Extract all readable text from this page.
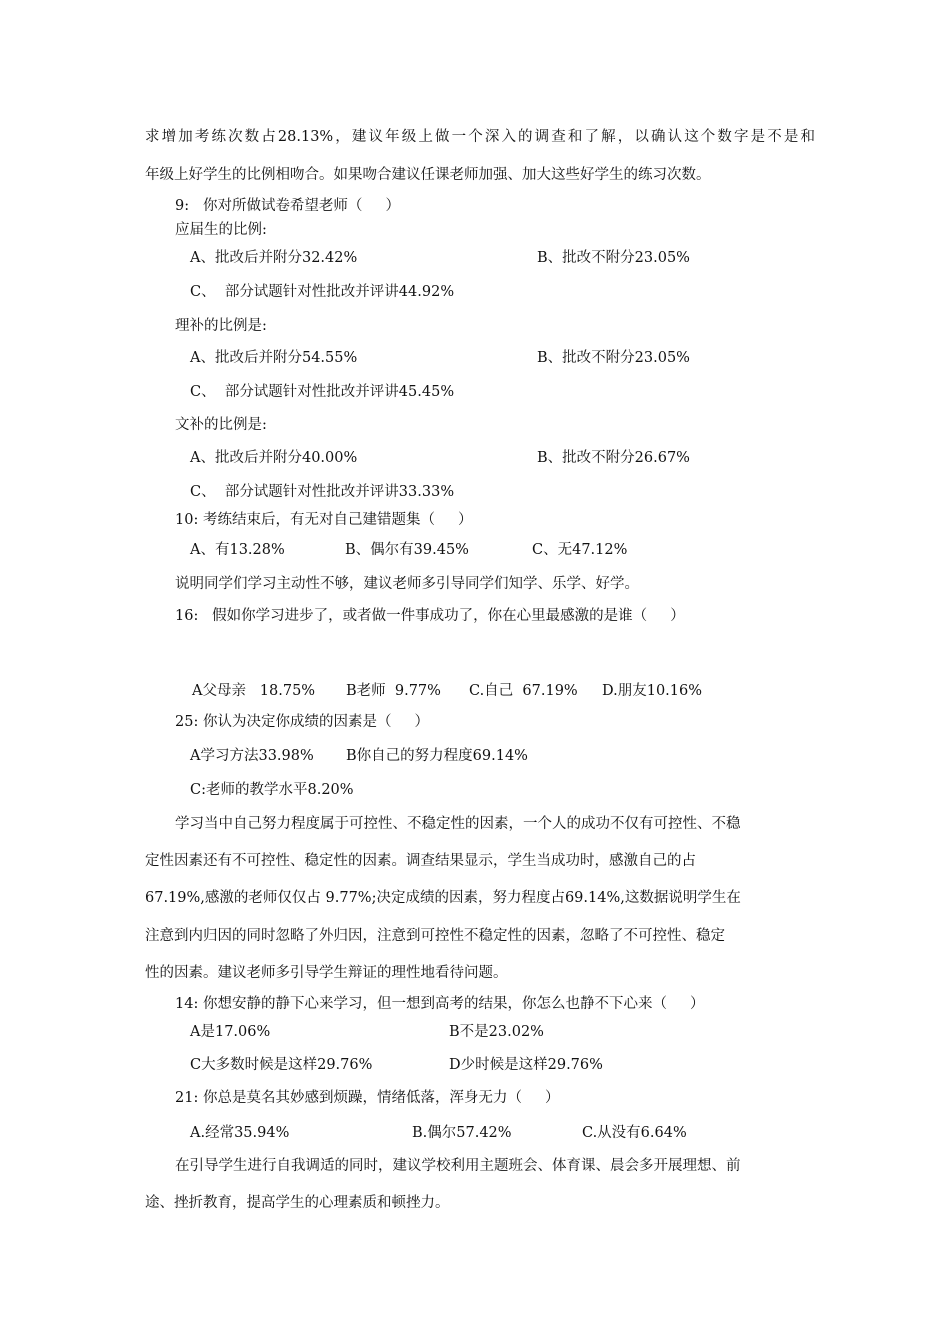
求增加考练次数占28.13%，建议年级上做一个深入的调查和了解，以确认这个数字是不是和
年级上好学生的比例相吻合。如果吻合建议任课老师加强、加大这些好学生的练习次数。
9:   你对所做试卷希望老师（     ）
应届生的比例:
A、批改后并附分32.42%	B、批改不附分23.05%
C、  部分试题针对性批改并评讲44.92%
理补的比例是:
A、批改后并附分54.55%	B、批改不附分23.05%
C、  部分试题针对性批改并评讲45.45%
文补的比例是:
A、批改后并附分40.00%	B、批改不附分26.67%
C、  部分试题针对性批改并评讲33.33%
10: 考练结束后，有无对自己建错题集（     ）
A、有13.28%	B、偶尔有39.45%	C、无47.12%
说明同学们学习主动性不够，建议老师多引导同学们知学、乐学、好学。
16:   假如你学习进步了，或者做一件事成功了，你在心里最感激的是谁（     ）
A父母亲   18.75% B老师  9.77% C.自己  67.19% D.朋友10.16%
25: 你认为决定你成绩的因素是（     ）
A学习方法33.98% B你自己的努力程度69.14%
C:老师的教学水平8.20%
学习当中自己努力程度属于可控性、不稳定性的因素，一个人的成功不仅有可控性、不稳
定性因素还有不可控性、稳定性的因素。调查结果显示，学生当成功时，感激自己的占
67.19%,感激的老师仅仅占 9.77%;决定成绩的因素，努力程度占69.14%,这数据说明学生在
注意到内归因的同时忽略了外归因，注意到可控性不稳定性的因素，忽略了不可控性、稳定
性的因素。建议老师多引导学生辩证的理性地看待问题。
14: 你想安静的静下心来学习，但一想到高考的结果，你怎么也静不下心来（     ）
A是17.06%	B不是23.02%
C大多数时候是这样29.76%	D少时候是这样29.76%
21: 你总是莫名其妙感到烦躁，情绪低落，浑身无力（     ）
A.经常35.94%	B.偶尔57.42%	C.从没有6.64%
在引导学生进行自我调适的同时，建议学校利用主题班会、体育课、晨会多开展理想、前
途、挫折教育，提高学生的心理素质和顿挫力。
